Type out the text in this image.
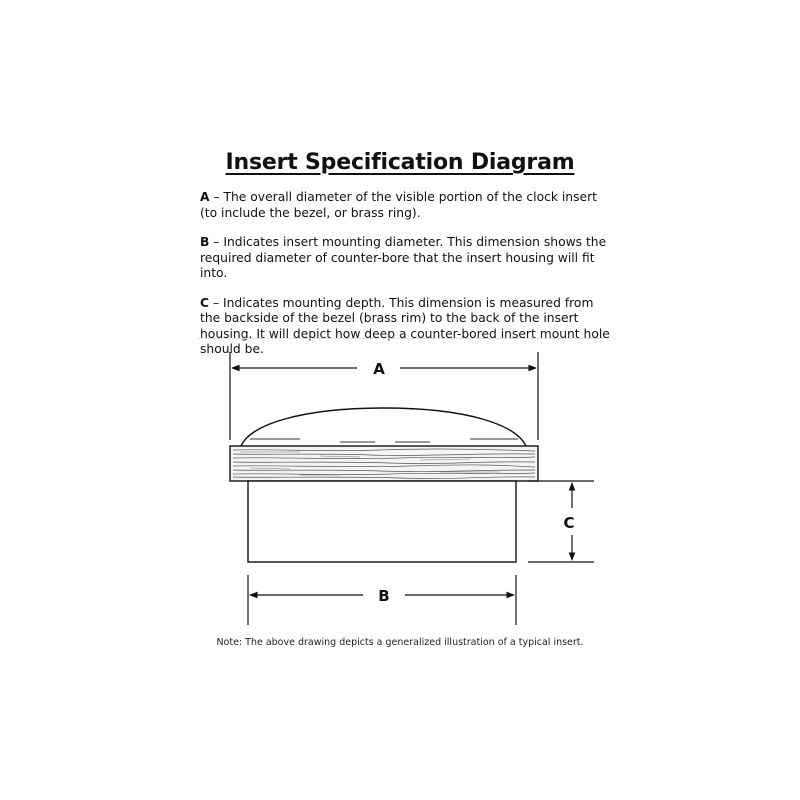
Insert Specification Diagram

A – The overall diameter of the visible portion of the clock insert (to include the bezel, or brass ring).

B – Indicates insert mounting diameter. This dimension shows the required diameter of counter-bore that the insert housing will fit into.

C – Indicates mounting depth. This dimension is measured from the backside of the bezel (brass rim) to the back of the insert housing. It will depict how deep a counter-bored insert mount hole should be.

A
C
B
Note: The above drawing depicts a generalized illustration of a typical insert.
